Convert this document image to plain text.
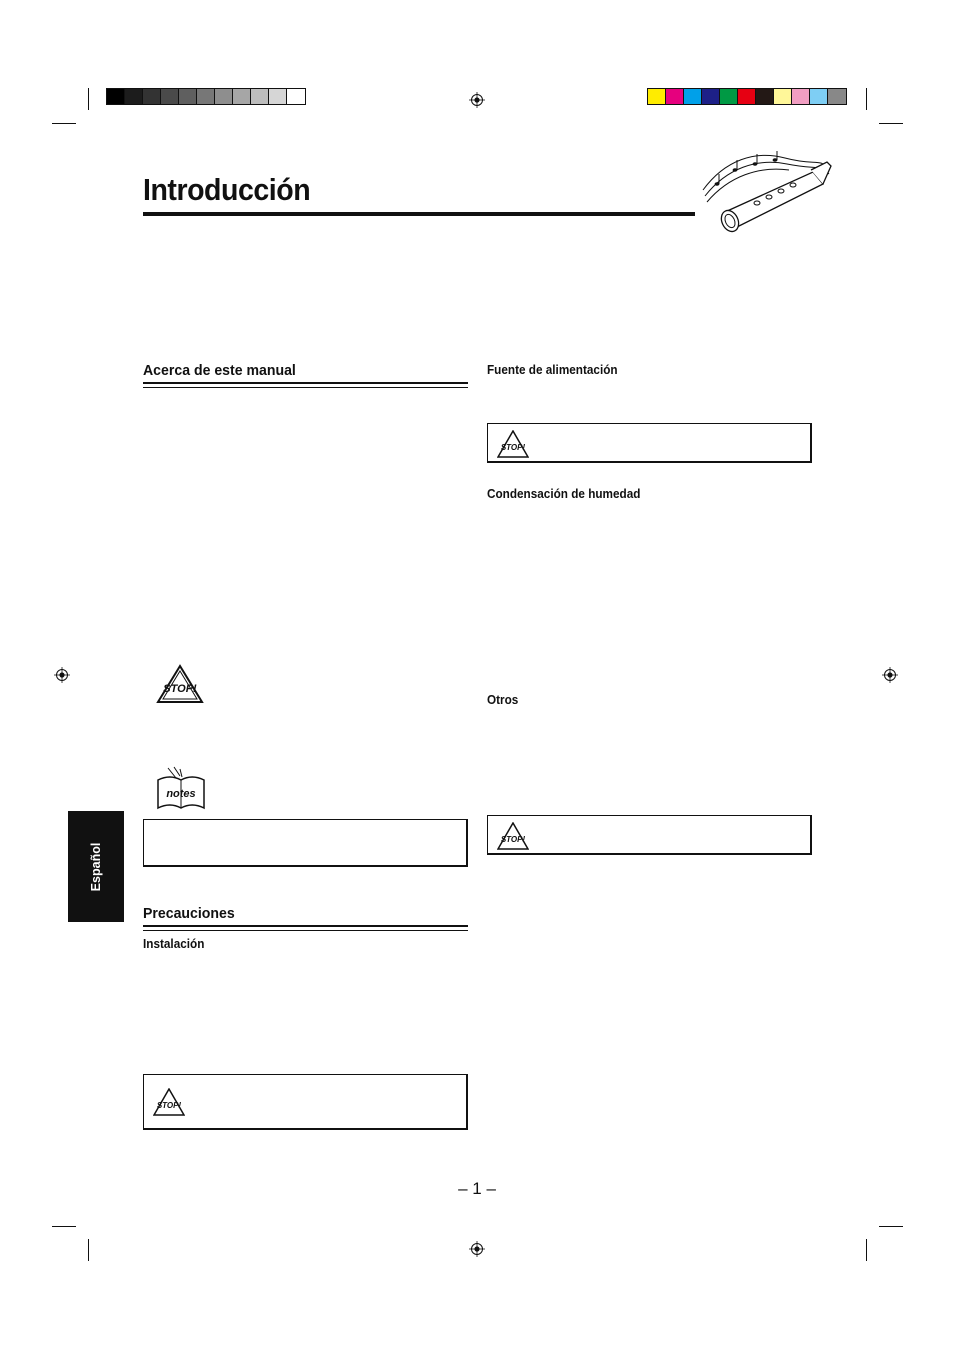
Introducción
Acerca de este manual
STOP!
notes
Español
Precauciones
Instalación
STOP!
Fuente de alimentación
STOP!
Condensación de humedad
Otros
STOP!
– 1 –
